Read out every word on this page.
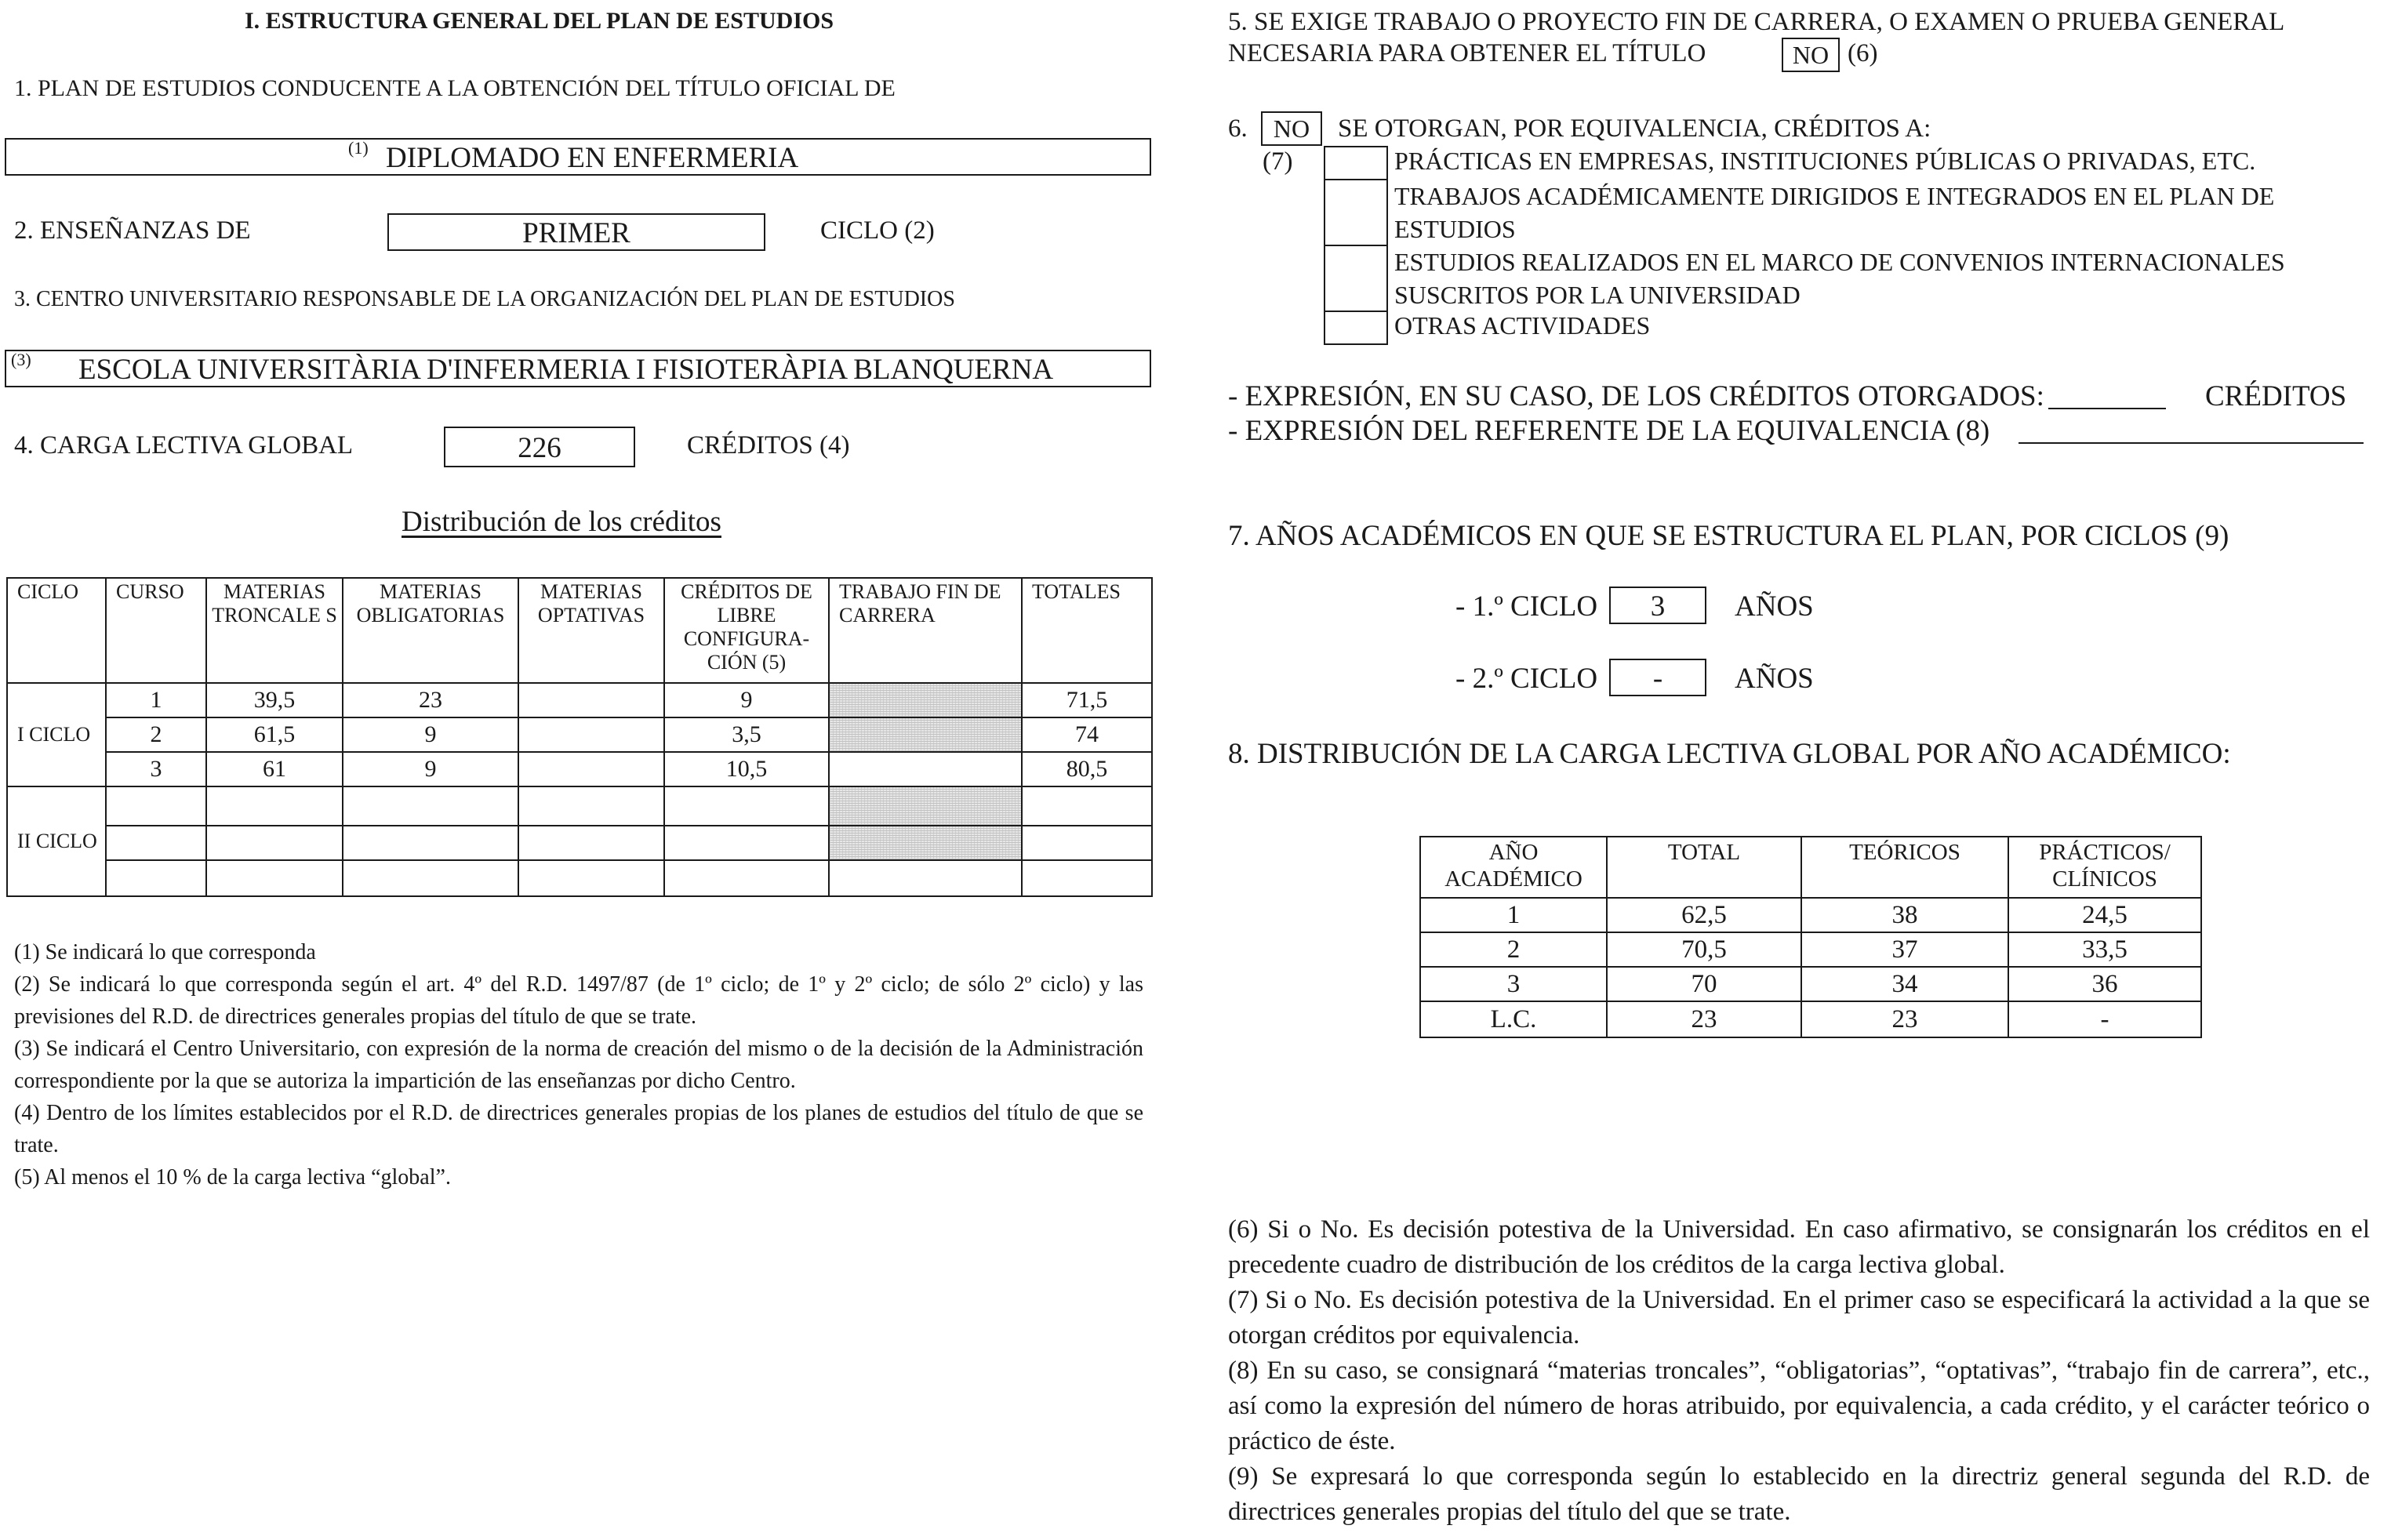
I. ESTRUCTURA GENERAL DEL PLAN DE ESTUDIOS
1. PLAN DE ESTUDIOS CONDUCENTE A LA OBTENCIÓN DEL TÍTULO OFICIAL DE
(1) DIPLOMADO EN ENFERMERIA
2. ENSEÑANZAS DE	PRIMER	CICLO (2)
3. CENTRO UNIVERSITARIO RESPONSABLE DE LA ORGANIZACIÓN DEL PLAN DE ESTUDIOS
(3) ESCOLA UNIVERSITÀRIA D'INFERMERIA I FISIOTERÀPIA BLANQUERNA
4. CARGA LECTIVA GLOBAL	226	CRÉDITOS (4)
Distribución de los créditos
CICLO	CURSO	MATERIAS TRONCALE S	MATERIAS OBLIGATORIAS	MATERIAS OPTATIVAS	CRÉDITOS DE LIBRE CONFIGURA- CIÓN (5)	TRABAJO FIN DE CARRERA	TOTALES
I CICLO	1	39,5	23		9		71,5
	2	61,5	9		3,5		74
	3	61	9		10,5		80,5
II CICLO							

(1) Se indicará lo que corresponda
(2) Se indicará lo que corresponda según el art. 4º del R.D. 1497/87 (de 1º ciclo; de 1º y 2º ciclo; de sólo 2º ciclo) y las previsiones del R.D. de directrices generales propias del título de que se trate.
(3) Se indicará el Centro Universitario, con expresión de la norma de creación del mismo o de la decisión de la Administración correspondiente por la que se autoriza la impartición de las enseñanzas por dicho Centro.
(4) Dentro de los límites establecidos por el R.D. de directrices generales propias de los planes de estudios del título de que se trate.
(5) Al menos el 10 % de la carga lectiva “global”.
5. SE EXIGE TRABAJO O PROYECTO FIN DE CARRERA, O EXAMEN O PRUEBA GENERAL
NECESARIA PARA OBTENER EL TÍTULO	NO (6)
6.	NO
(7)
SE OTORGAN, POR EQUIVALENCIA, CRÉDITOS A:
	PRÁCTICAS EN EMPRESAS, INSTITUCIONES PÚBLICAS O PRIVADAS, ETC.

	TRABAJOS ACADÉMICAMENTE DIRIGIDOS E INTEGRADOS EN EL PLAN DE
ESTUDIOS

	ESTUDIOS REALIZADOS EN EL MARCO DE CONVENIOS INTERNACIONALES
SUSCRITOS POR LA UNIVERSIDAD

	OTRAS ACTIVIDADES
- EXPRESIÓN, EN SU CASO, DE LOS CRÉDITOS OTORGADOS:	CRÉDITOS
- EXPRESIÓN DEL REFERENTE DE LA EQUIVALENCIA (8)
7. AÑOS ACADÉMICOS EN QUE SE ESTRUCTURA EL PLAN, POR CICLOS (9)
- 1.º CICLO	3	AÑOS
- 2.º CICLO	-	AÑOS
8. DISTRIBUCIÓN DE LA CARGA LECTIVA GLOBAL POR AÑO ACADÉMICO:
AÑO ACADÉMICO	TOTAL	TEÓRICOS	PRÁCTICOS/ CLÍNICOS
1	62,5	38	24,5
2	70,5	37	33,5
3	70	34	36
L.C.	23	23	-
(6) Si o No. Es decisión potestiva de la Universidad. En caso afirmativo, se consignarán los créditos en el precedente cuadro de distribución de los créditos de la carga lectiva global.
(7) Si o No. Es decisión potestiva de la Universidad. En el primer caso se especificará la actividad a la que se otorgan créditos por equivalencia.
(8) En su caso, se consignará “materias troncales”, “obligatorias”, “optativas”, “trabajo fin de carrera”, etc., así como la expresión del número de horas atribuido, por equivalencia, a cada crédito, y el carácter teórico o práctico de éste.
(9) Se expresará lo que corresponda según lo establecido en la directriz general segunda del R.D. de directrices generales propias del título del que se trate.
